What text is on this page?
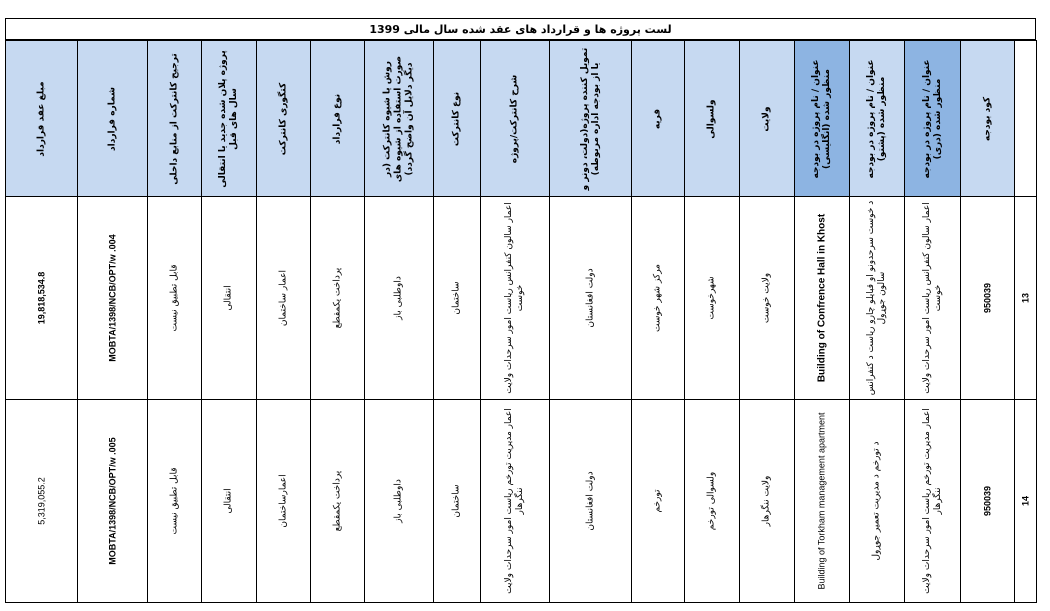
لست پروژه ها و قرارداد های عقد شده سال مالی 1399
مبلغ عقد قرارداد	شماره قرارداد	ترجیح کانترکت از منابع داخلی	پروژه پلان شده جدید یا انتقالی سال های قبل	کتگوری کانترکت	نوع قرارداد	روش یا شیوه کانترکت (در صورت استفاده از شیوه های دیگر دلایل آن واضح گردد)	نوع کانترکت	شرح کانترکت/پروژه	تمویل کننده پروژه(دولت، دونر و یا از بودجه اداره مربوطه)	قریه	ولسوالی	ولایت	عنوان / نام پروژه در بودجه منظور شده (انگلیسی)	عنوان / نام پروژه در بودجه منظور شده (پشتو)	عنوان / نام پروژه در بودجه منظور شده (دری)	کود بودجه	

19,818,534.8	MOBTA/1398/NCB/OPT/w .004	قابل تطبیق نیست	انتقالی	اعمار ساختمان	پرداخت یکمقطع	داوطلبی باز	ساختمان	اعمار سالون کنفرانس ریاست امور سرحدات ولایت خوست	دولت افغانستان	مرکز شهر خوست	شهرخوست	ولایت خوست	Building of Confrence Hall in Khost	د خوست سرحدونو او قبایلو چارو ریاست د کنفرانس سالون جوړول	اعمار سالون کنفرانس ریاست امور سرحدات ولایت خوست	950039	13

5,319,055.2	MOBTA/1398/NCB/OPT/w .005	قابل تطبیق نیست	انتقالی	اعمارساختمان	پرداخت یکمقطع	داوطلبی باز	ساختمان	اعمار مدیریت تورخم ریاست امور سرحدات ولایت ننگرهار	دولت افغانستان	تورخم	ولسوالی تورخم	ولایت ننگرهار	Building of Torkham management apartment	د تورخم د مدیریت تعمیر جوړول	اعمار مدیریت تورخم ریاست امور سرحدات ولایت ننگرهار	950039	14
